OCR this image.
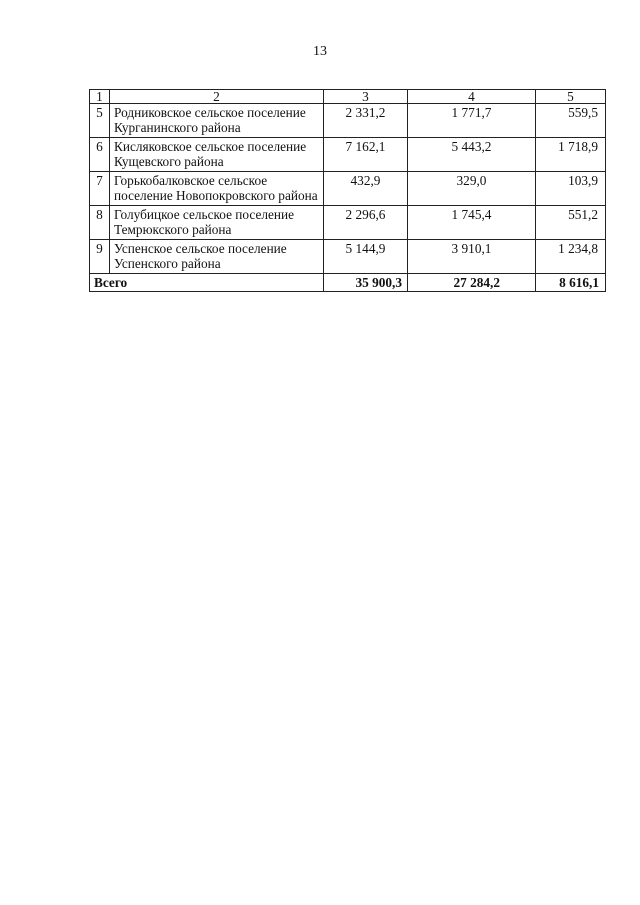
13
1	2	3	4	5
5	Родниковское сельское поселение Курганинского района	2 331,2	1 771,7	559,5
6	Кисляковское сельское поселение Кущевского района	7 162,1	5 443,2	1 718,9
7	Горькобалковское сельское поселение Новопокровского района	432,9	329,0	103,9
8	Голубицкое сельское поселение Темрюкского района	2 296,6	1 745,4	551,2
9	Успенское сельское поселение Успенского района	5 144,9	3 910,1	1 234,8
Всего		35 900,3	27 284,2	8 616,1
